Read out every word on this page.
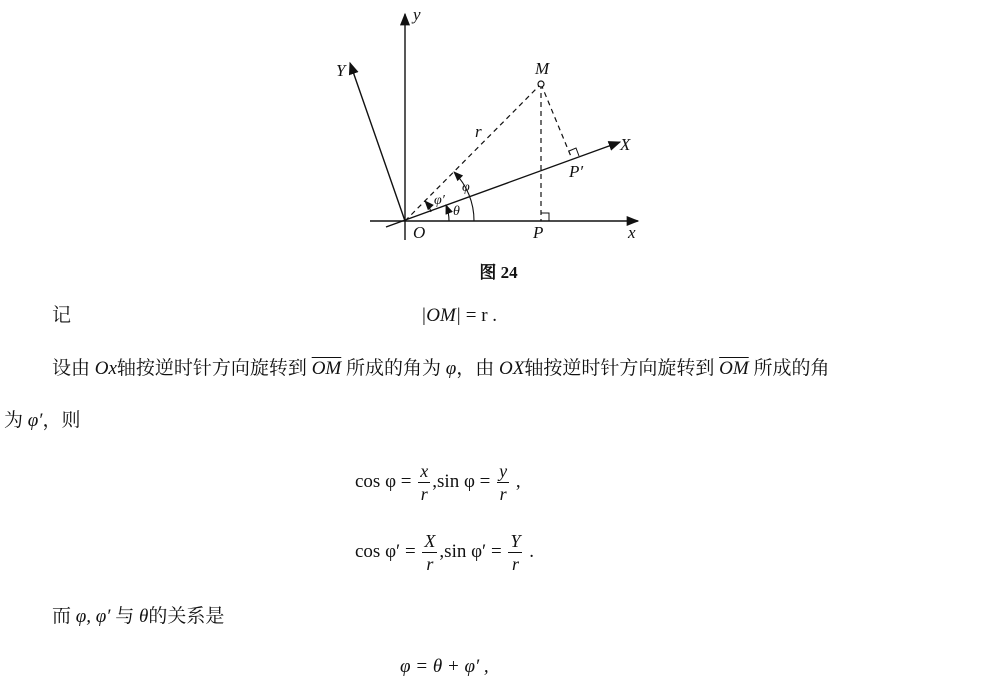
y
x
Y
X
M
O	P
P′
r
φ
φ′
θ
图 24
记	|OM| = r .
设由 Ox轴按逆时针方向旋转到 $\overline{OM}$ 所成的角为 φ，由 OX轴按逆时针方向旋转到 $\overline{OM}$ 所成的角
为 φ′，则
$\cos \varphi = \frac{x}{r} ,\sin$ $\varphi = \frac{y}{r}$ ,
$\cos \varphi' = \frac{X}{r} ,\sin$ $\varphi' = \frac{Y}{r}$ .
而 φ, φ′ 与 θ的关系是
φ = θ + φ′ ,
